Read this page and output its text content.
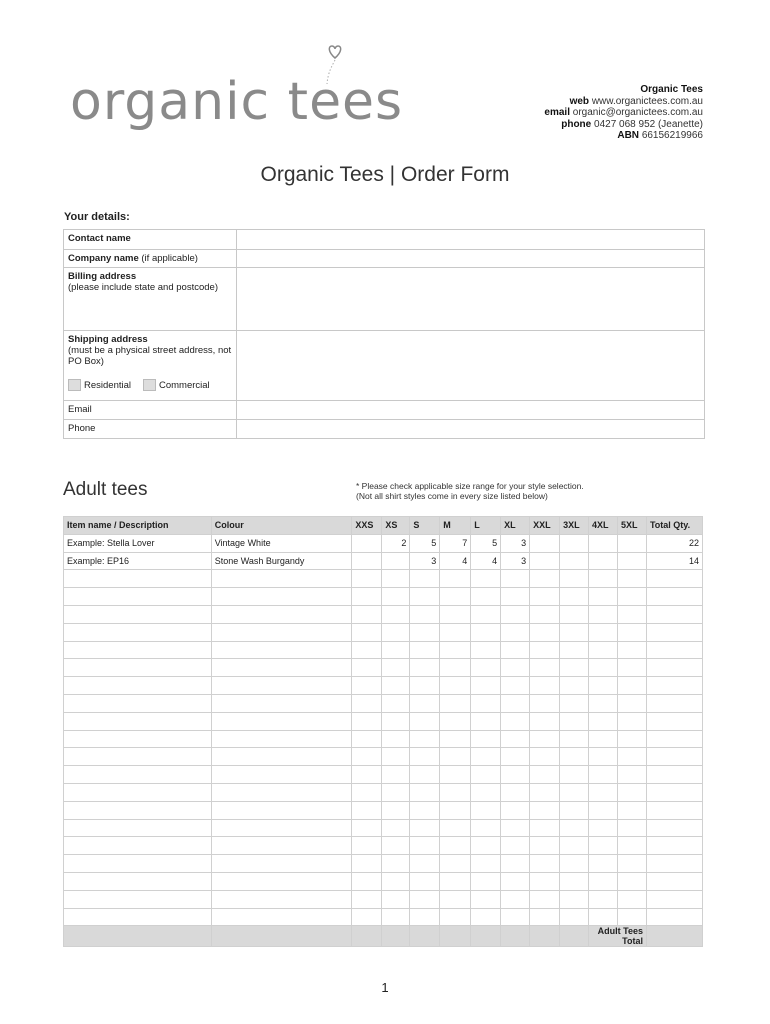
organic tees	Organic Tees
web www.organictees.com.au
email organic@organictees.com.au
phone 0427 068 952 (Jeanette)
ABN 66156219966
Organic Tees | Order Form
Your details:
Contact name	
Company name (if applicable)	
Billing address
(please include state and postcode)	
Shipping address
(must be a physical street address, not PO Box)
Residential Commercial	

Email	
Phone	
Adult tees	* Please check applicable size range for your style selection.
(Not all shirt styles come in every size listed below)
Item name / Description	Colour	XXS	XS	S	M	L	XL	XXL	3XL	4XL	5XL	Total Qty.
Example: Stella Lover	Vintage White		2	5	7	5	3					22
Example: EP16	Stone Wash Burgandy			3	4	4	3					14

										Adult Tees Total		
1
